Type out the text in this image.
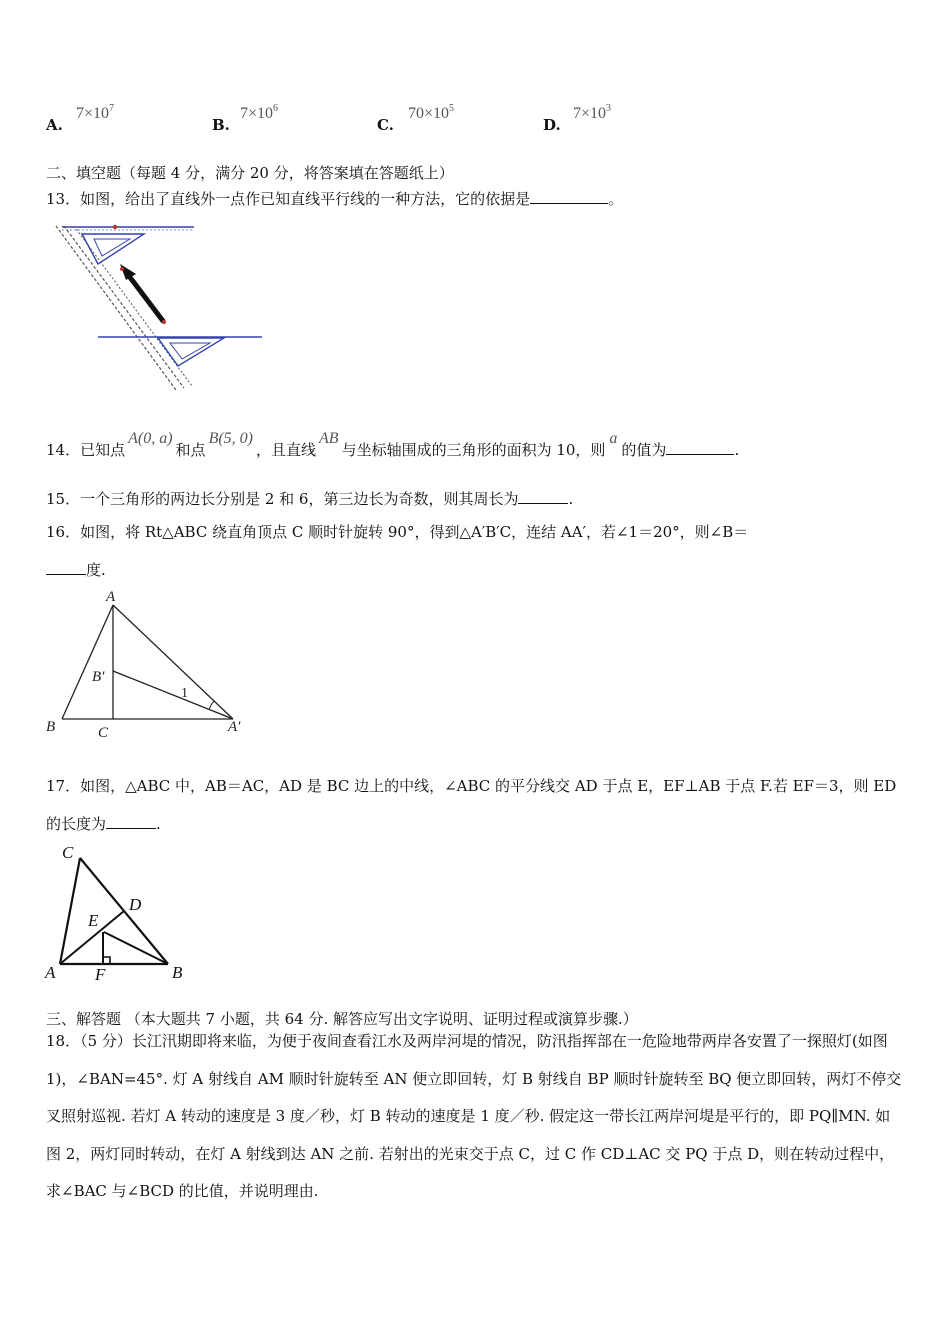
A.
$7\times 10^7$
B.
$7\times 10^6$
C.
$70\times 10^5$
D.
$7\times 10^3$
二、填空题（每题 4 分，满分 20 分，将答案填在答题纸上）
13．如图，给出了直线外一点作已知直线平行线的一种方法，它的依据是	。
14．已知点A(0, a)和点B(5, 0)，且直线AB与坐标轴围成的三角形的面积为 10，则a的值为	.
15．一个三角形的两边长分别是 2 和 6，第三边长为奇数，则其周长为	.
16．如图，将 Rt△ABC 绕直角顶点 C 顺时针旋转 90°，得到△A′B′C，连结 AA′，若∠1＝20°，则∠B＝
度.
A
B′
B	C	A′
1
17．如图，△ABC 中，AB＝AC，AD 是 BC 边上的中线，∠ABC 的平分线交 AD 于点 E，EF⊥AB 于点 F.若 EF＝3，则 ED 的长度为	.
C
D
E
A F	B
三、解答题 （本大题共 7 小题，共 64 分. 解答应写出文字说明、证明过程或演算步骤.）
18．（5 分）长江汛期即将来临，为便于夜间查看江水及两岸河堤的情况，防汛指挥部在一危险地带两岸各安置了一探照灯(如图 1)，∠BAN=45°. 灯 A 射线自 AM 顺时针旋转至 AN 便立即回转，灯 B 射线自 BP 顺时针旋转至 BQ 便立即回转，两灯不停交叉照射巡视. 若灯 A 转动的速度是 3 度／秒，灯 B 转动的速度是 1 度／秒. 假定这一带长江两岸河堤是平行的，即 PQ∥MN. 如图 2，两灯同时转动，在灯 A 射线到达 AN 之前. 若射出的光束交于点 C，过 C 作 CD⊥AC 交 PQ 于点 D，则在转动过程中，求∠BAC 与∠BCD 的比值，并说明理由.
